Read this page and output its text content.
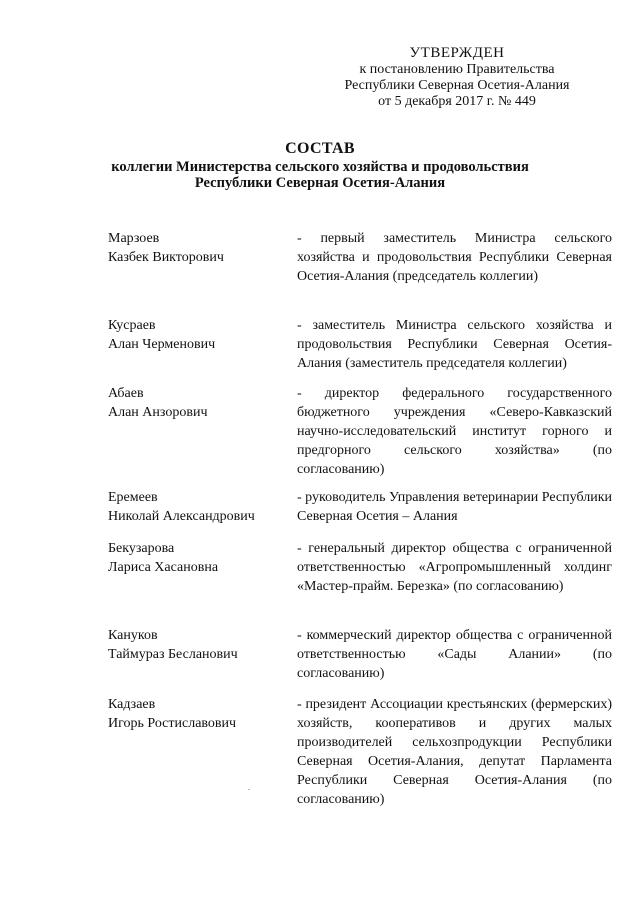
УТВЕРЖДЕН
к постановлению Правительства
Республики Северная Осетия-Алания
от 5 декабря 2017 г. № 449
СОСТАВ
коллегии Министерства сельского хозяйства и продовольствия
Республики Северная Осетия-Алания
Марзоев
Казбек Викторович
- первый заместитель Министра сельского хозяйства и продовольствия Республики Северная Осетия-Алания (председатель коллегии)
Кусраев
Алан Черменович
- заместитель Министра сельского хозяйства и продовольствия Республики Северная Осетия-Алания (заместитель председателя коллегии)
Абаев
Алан Анзорович
- директор федерального государственного бюджетного учреждения «Северо-Кавказский научно-исследовательский институт горного и предгорного сельского хозяйства» (по согласованию)
Еремеев
Николай Александрович
- руководитель Управления ветеринарии Республики Северная Осетия – Алания
Бекузарова
Лариса Хасановна
- генеральный директор общества с ограниченной ответственностью «Агропромышленный холдинг «Мастер-прайм. Березка» (по согласованию)
Кануков
Таймураз Бесланович
- коммерческий директор общества с ограниченной ответственностью «Сады Алании» (по согласованию)
Кадзаев
Игорь Ростиславович
- президент Ассоциации крестьянских (фермерских) хозяйств, кооперативов и других малых производителей сельхозпродукции Республики Северная Осетия-Алания, депутат Парламента Республики Северная Осетия-Алания (по согласованию)
